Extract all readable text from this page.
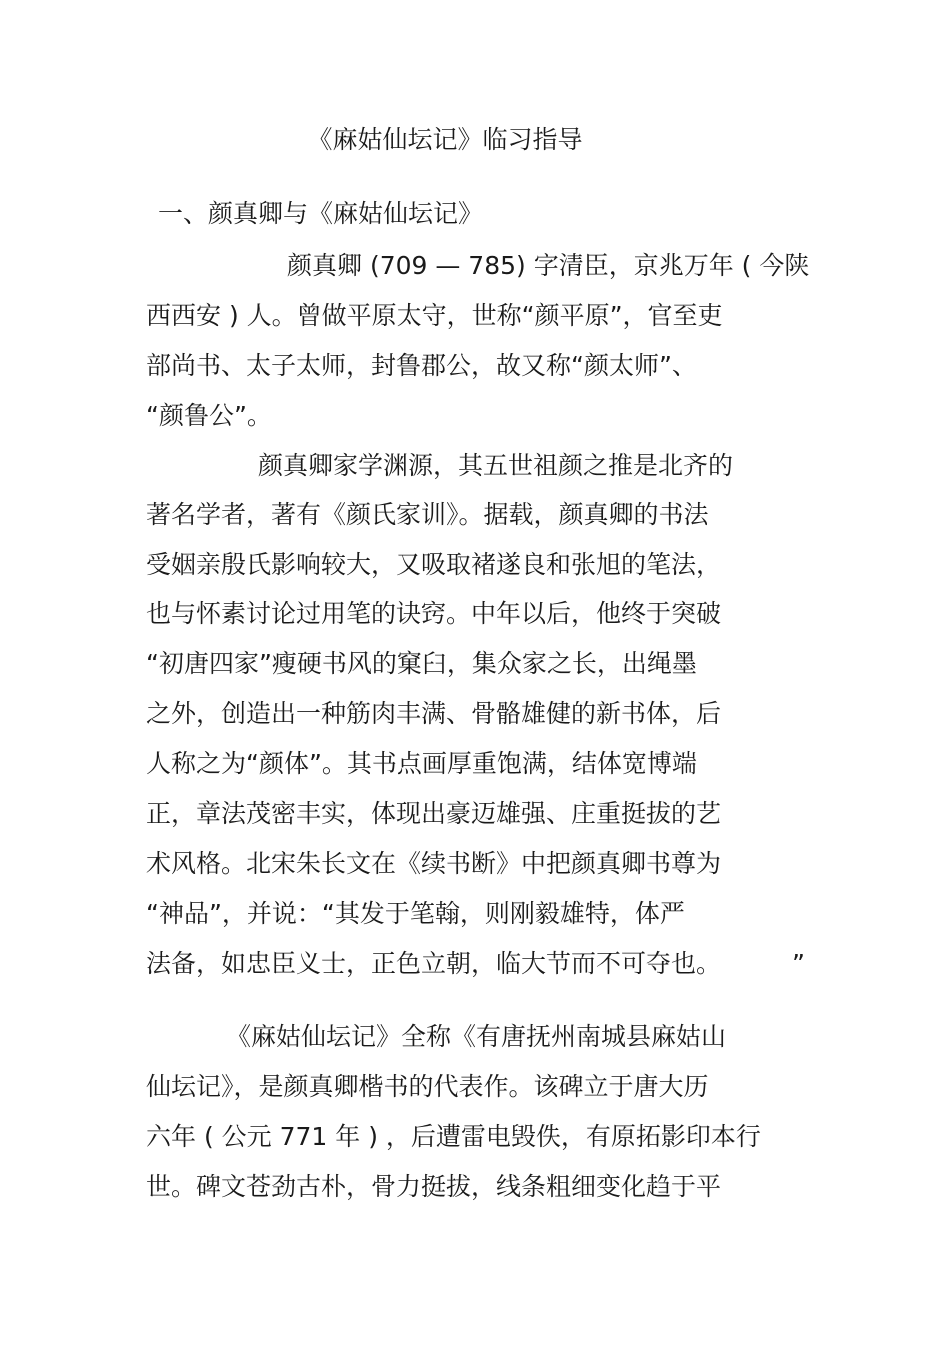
《麻姑仙坛记》临习指导
一、颜真卿与《麻姑仙坛记》
颜真卿 (709 — 785) 字清臣，京兆万年 ( 今陕
西西安 ) 人。曾做平原太守，世称“颜平原”，官至吏
部尚书、太子太师，封鲁郡公，故又称“颜太师”、
“颜鲁公”。
颜真卿家学渊源，其五世祖颜之推是北齐的
著名学者，著有《颜氏家训》。据载，颜真卿的书法
受姻亲殷氏影响较大，又吸取褚遂良和张旭的笔法，
也与怀素讨论过用笔的诀窍。中年以后，他终于突破
“初唐四家”瘦硬书风的窠臼，集众家之长，出绳墨
之外，创造出一种筋肉丰满、骨骼雄健的新书体，后
人称之为“颜体”。其书点画厚重饱满，结体宽博端
正，章法茂密丰实，体现出豪迈雄强、庄重挺拔的艺
术风格。北宋朱长文在《续书断》中把颜真卿书尊为
“神品”，并说：“其发于笔翰，则刚毅雄特，体严
法备，如忠臣义士，正色立朝，临大节而不可夺也。	”
《麻姑仙坛记》全称《有唐抚州南城县麻姑山
仙坛记》，是颜真卿楷书的代表作。该碑立于唐大历
六年 ( 公元 771 年 ) ，后遭雷电毁佚，有原拓影印本行
世。碑文苍劲古朴，骨力挺拔，线条粗细变化趋于平
